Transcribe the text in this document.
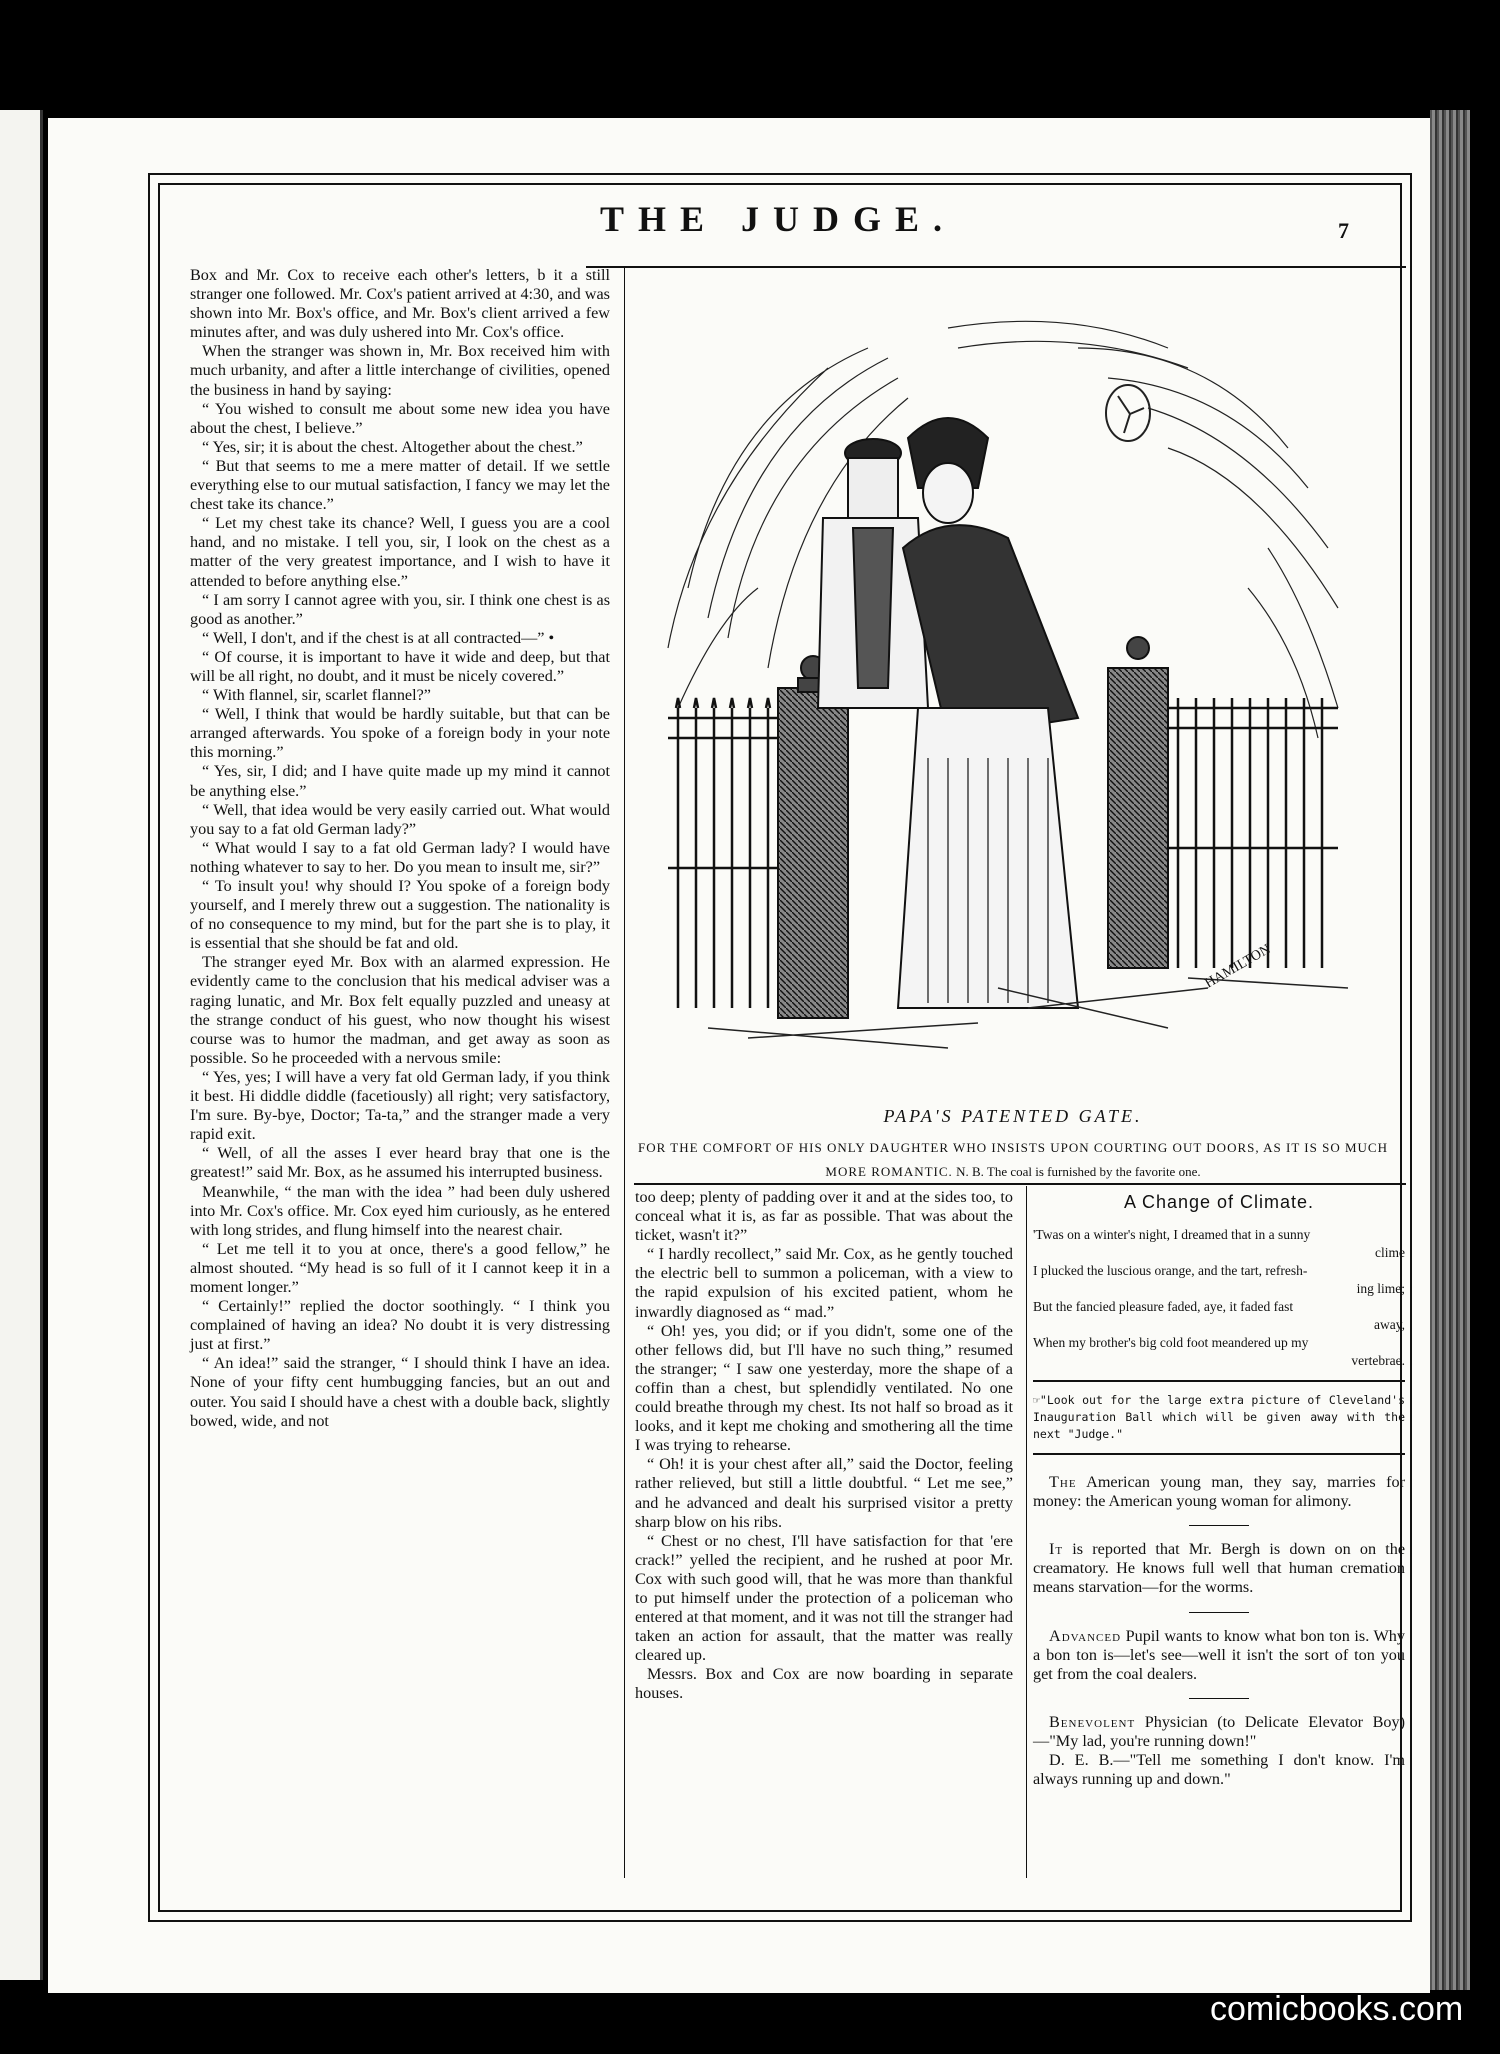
THE JUDGE.	7

Box and Mr. Cox to receive each other's letters, b it a still stranger one followed. Mr. Cox's patient arrived at 4:30, and was shown into Mr. Box's office, and Mr. Box's client arrived a few minutes after, and was duly ushered into Mr. Cox's office.

When the stranger was shown in, Mr. Box received him with much urbanity, and after a little interchange of civilities, opened the business in hand by saying:

“ You wished to consult me about some new idea you have about the chest, I believe.”

“ Yes, sir; it is about the chest. Altogether about the chest.”

“ But that seems to me a mere matter of detail. If we settle everything else to our mutual satisfaction, I fancy we may let the chest take its chance.”

“ Let my chest take its chance? Well, I guess you are a cool hand, and no mistake. I tell you, sir, I look on the chest as a matter of the very greatest importance, and I wish to have it attended to before anything else.”

“ I am sorry I cannot agree with you, sir. I think one chest is as good as another.”

“ Well, I don't, and if the chest is at all contracted—” •

“ Of course, it is important to have it wide and deep, but that will be all right, no doubt, and it must be nicely covered.”

“ With flannel, sir, scarlet flannel?”

“ Well, I think that would be hardly suitable, but that can be arranged afterwards. You spoke of a foreign body in your note this morning.”

“ Yes, sir, I did; and I have quite made up my mind it cannot be anything else.”

“ Well, that idea would be very easily carried out. What would you say to a fat old German lady?”

“ What would I say to a fat old German lady? I would have nothing whatever to say to her. Do you mean to insult me, sir?”

“ To insult you! why should I? You spoke of a foreign body yourself, and I merely threw out a suggestion. The nationality is of no consequence to my mind, but for the part she is to play, it is essential that she should be fat and old.

The stranger eyed Mr. Box with an alarmed expression. He evidently came to the conclusion that his medical adviser was a raging lunatic, and Mr. Box felt equally puzzled and uneasy at the strange conduct of his guest, who now thought his wisest course was to humor the madman, and get away as soon as possible. So he proceeded with a nervous smile:

“ Yes, yes; I will have a very fat old German lady, if you think it best. Hi diddle diddle (facetiously) all right; very satisfactory, I'm sure. By-bye, Doctor; Ta-ta,” and the stranger made a very rapid exit.

“ Well, of all the asses I ever heard bray that one is the greatest!” said Mr. Box, as he assumed his interrupted business.

Meanwhile, “ the man with the idea ” had been duly ushered into Mr. Cox's office. Mr. Cox eyed him curiously, as he entered with long strides, and flung himself into the nearest chair.

“ Let me tell it to you at once, there's a good fellow,” he almost shouted. “My head is so full of it I cannot keep it in a moment longer.”

“ Certainly!” replied the doctor soothingly. “ I think you complained of having an idea? No doubt it is very distressing just at first.”

“ An idea!” said the stranger, “ I should think I have an idea. None of your fifty cent humbugging fancies, but an out and outer. You said I should have a chest with a double back, slightly bowed, wide, and not

HAMILTON
PAPA'S PATENTED GATE.
FOR THE COMFORT OF HIS ONLY DAUGHTER WHO INSISTS UPON COURTING OUT DOORS, AS IT IS SO MUCH MORE ROMANTIC. N. B. The coal is furnished by the favorite one.

too deep; plenty of padding over it and at the sides too, to conceal what it is, as far as possible. That was about the ticket, wasn't it?”

“ I hardly recollect,” said Mr. Cox, as he gently touched the electric bell to summon a policeman, with a view to the rapid expulsion of his excited patient, whom he inwardly diagnosed as “ mad.”

“ Oh! yes, you did; or if you didn't, some one of the other fellows did, but I'll have no such thing,” resumed the stranger; “ I saw one yesterday, more the shape of a coffin than a chest, but splendidly ventilated. No one could breathe through my chest. Its not half so broad as it looks, and it kept me choking and smothering all the time I was trying to rehearse.

“ Oh! it is your chest after all,” said the Doctor, feeling rather relieved, but still a little doubtful. “ Let me see,” and he advanced and dealt his surprised visitor a pretty sharp blow on his ribs.

“ Chest or no chest, I'll have satisfaction for that 'ere crack!” yelled the recipient, and he rushed at poor Mr. Cox with such good will, that he was more than thankful to put himself under the protection of a policeman who entered at that moment, and it was not till the stranger had taken an action for assault, that the matter was really cleared up.

Messrs. Box and Cox are now boarding in separate houses.

A Change of Climate.
'Twas on a winter's night, I dreamed that in a sunny
clime
I plucked the luscious orange, and the tart, refresh-
ing lime;
But the fancied pleasure faded, aye, it faded fast
away,
When my brother's big cold foot meandered up my
vertebrae.
☞"Look out for the large extra picture of Cleveland's Inauguration Ball which will be given away with the next "Judge."

The American young man, they say, marries for money: the American young woman for alimony.

It is reported that Mr. Bergh is down on on the creamatory. He knows full well that human cremation means starvation—for the worms.

Advanced Pupil wants to know what bon ton is. Why a bon ton is—let's see—well it isn't the sort of ton you get from the coal dealers.

Benevolent Physician (to Delicate Elevator Boy)—"My lad, you're running down!"

D. E. B.—"Tell me something I don't know. I'm always running up and down."

comicbooks.com
